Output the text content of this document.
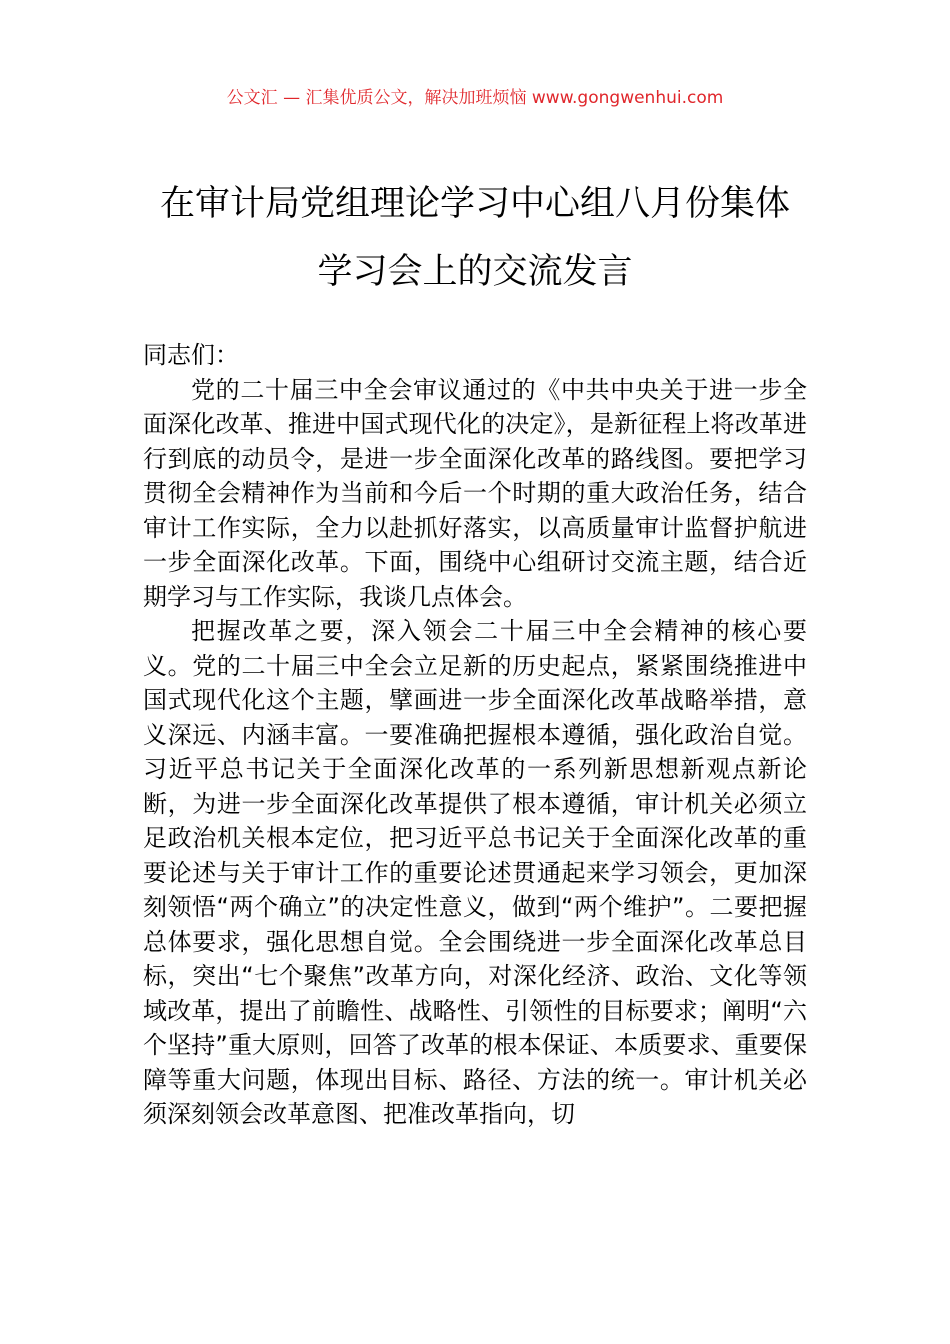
公文汇 — 汇集优质公文，解决加班烦恼 www.gongwenhui.com
在审计局党组理论学习中心组八月份集体
学习会上的交流发言

同志们：

党的二十届三中全会审议通过的《中共中央关于进一步全面深化改革、推进中国式现代化的决定》，是新征程上将改革进行到底的动员令，是进一步全面深化改革的路线图。要把学习贯彻全会精神作为当前和今后一个时期的重大政治任务，结合审计工作实际，全力以赴抓好落实，以高质量审计监督护航进一步全面深化改革。下面，围绕中心组研讨交流主题，结合近期学习与工作实际，我谈几点体会。

把握改革之要，深入领会二十届三中全会精神的核心要义。党的二十届三中全会立足新的历史起点，紧紧围绕推进中国式现代化这个主题，擘画进一步全面深化改革战略举措，意义深远、内涵丰富。一要准确把握根本遵循，强化政治自觉。习近平总书记关于全面深化改革的一系列新思想新观点新论断，为进一步全面深化改革提供了根本遵循，审计机关必须立足政治机关根本定位，把习近平总书记关于全面深化改革的重要论述与关于审计工作的重要论述贯通起来学习领会，更加深刻领悟“两个确立”的决定性意义，做到“两个维护”。二要把握总体要求，强化思想自觉。全会围绕进一步全面深化改革总目标，突出“七个聚焦”改革方向，对深化经济、政治、文化等领域改革，提出了前瞻性、战略性、引领性的目标要求；阐明“六个坚持”重大原则，回答了改革的根本保证、本质要求、重要保障等重大问题，体现出目标、路径、方法的统一。审计机关必须深刻领会改革意图、把准改革指向，切
